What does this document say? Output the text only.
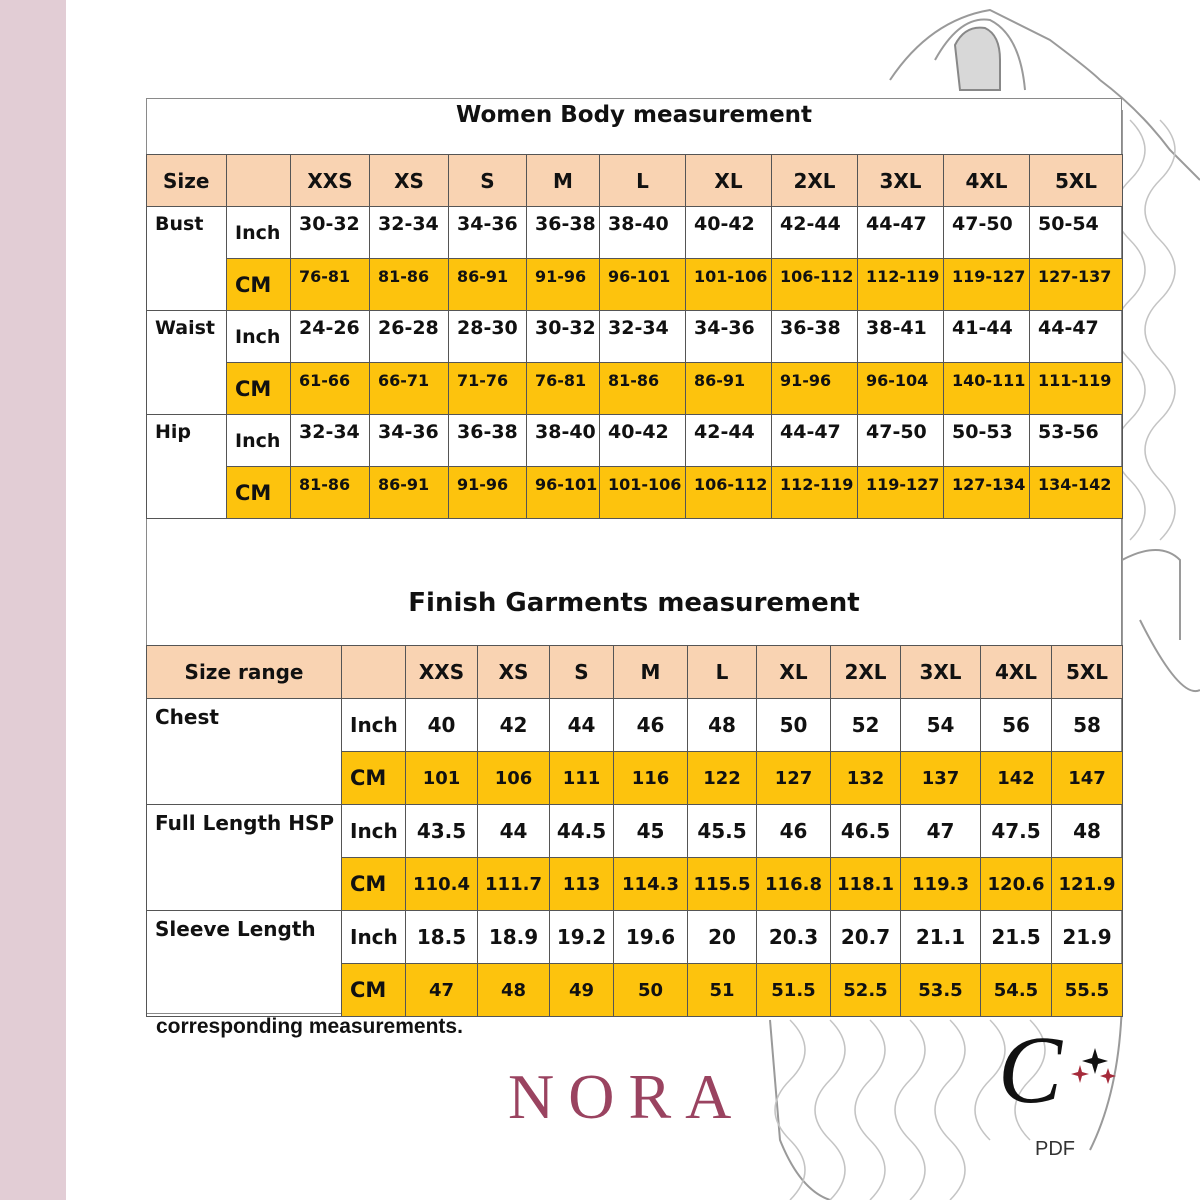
Women Body measurement
Size		XXS	XS	S	M	L	XL	2XL	3XL	4XL	5XL
Bust	Inch	30-32	32-34	34-36	36-38	38-40	40-42	42-44	44-47	47-50	50-54
	CM	76-81	81-86	86-91	91-96	96-101	101-106	106-112	112-119	119-127	127-137
Waist	Inch	24-26	26-28	28-30	30-32	32-34	34-36	36-38	38-41	41-44	44-47
	CM	61-66	66-71	71-76	76-81	81-86	86-91	91-96	96-104	140-111	111-119
Hip	Inch	32-34	34-36	36-38	38-40	40-42	42-44	44-47	47-50	50-53	53-56
	CM	81-86	86-91	91-96	96-101	101-106	106-112	112-119	119-127	127-134	134-142
Finish Garments measurement
Size range		XXS	XS	S	M	L	XL	2XL	3XL	4XL	5XL
Chest	Inch	40	42	44	46	48	50	52	54	56	58
	CM	101	106	111	116	122	127	132	137	142	147
Full Length HSP	Inch	43.5	44	44.5	45	45.5	46	46.5	47	47.5	48
	CM	110.4	111.7	113	114.3	115.5	116.8	118.1	119.3	120.6	121.9
Sleeve Length	Inch	18.5	18.9	19.2	19.6	20	20.3	20.7	21.1	21.5	21.9
	CM	47	48	49	50	51	51.5	52.5	53.5	54.5	55.5
corresponding measurements.
NORA	C
PDF
